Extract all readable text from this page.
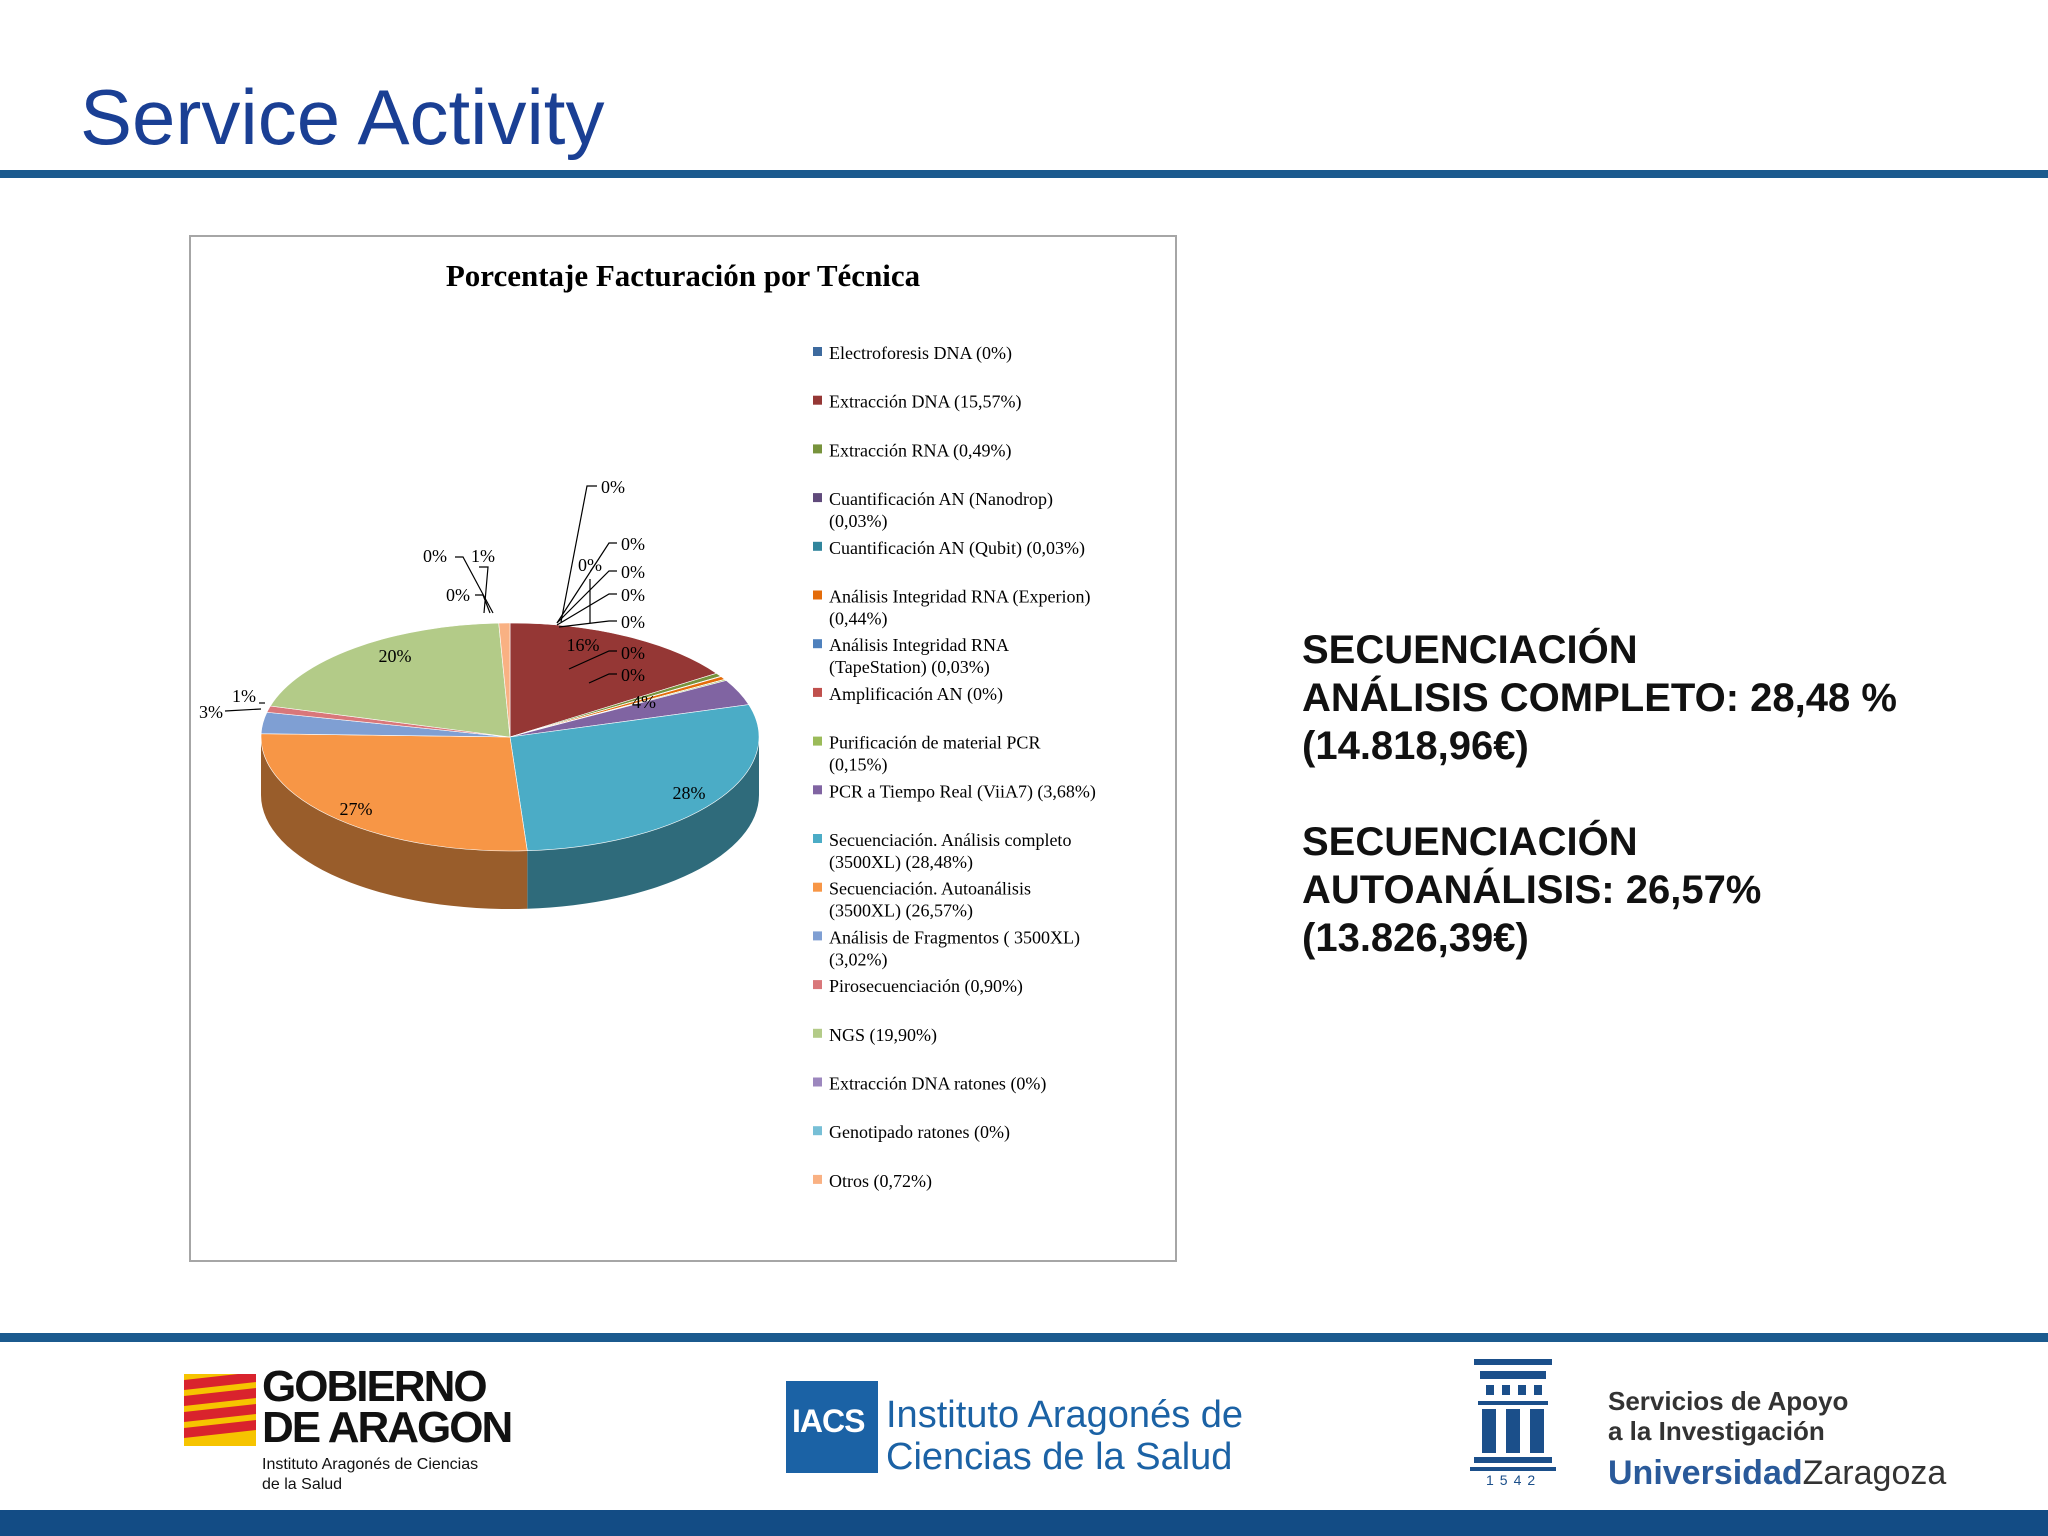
Service Activity
Porcentaje Facturación por Técnica
0%
16%
0%
0%
0%
0%
0%
0%
0%
4%
28%
27%
3%
1%
20%
0%
0% 1%
Electroforesis DNA (0%)
Extracción DNA (15,57%)
Extracción RNA (0,49%)
Cuantificación AN (Nanodrop)
(0,03%)
Cuantificación AN (Qubit) (0,03%)
Análisis Integridad RNA (Experion)
(0,44%)
Análisis Integridad RNA
(TapeStation) (0,03%)
Amplificación AN (0%)
Purificación de material PCR
(0,15%)
PCR a Tiempo Real (ViiA7) (3,68%)
Secuenciación. Análisis completo
(3500XL) (28,48%)
Secuenciación. Autoanálisis
(3500XL) (26,57%)
Análisis de Fragmentos ( 3500XL)
(3,02%)
Pirosecuenciación (0,90%)
NGS (19,90%)
Extracción DNA ratones (0%)
Genotipado ratones (0%)
Otros (0,72%)
SECUENCIACIÓN
ANÁLISIS COMPLETO: 28,48 %
(14.818,96€)
SECUENCIACIÓN
AUTOANÁLISIS: 26,57%
(13.826,39€)
GOBIERNO
DE ARAGON
Instituto Aragonés de Ciencias
de la Salud
IACS Instituto Aragonés de
Ciencias de la Salud
1542
Servicios de Apoyo
a la Investigación
UniversidadZaragoza
